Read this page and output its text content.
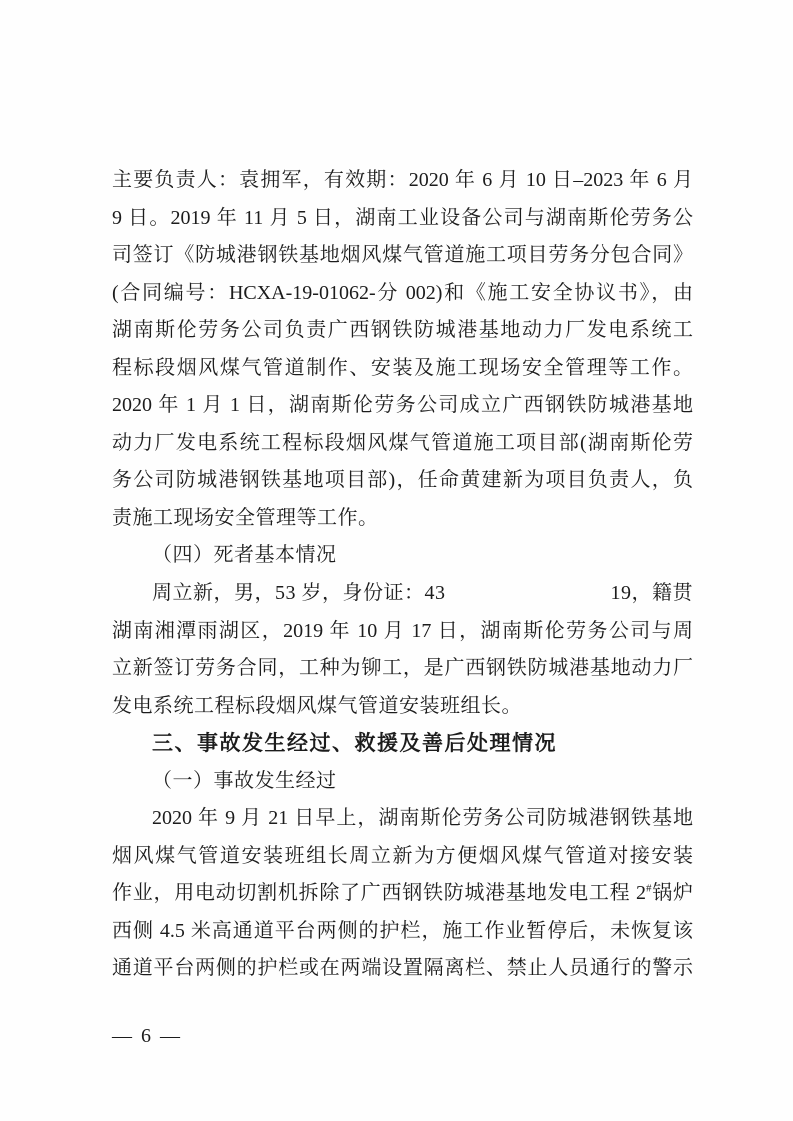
主要负责人：袁拥军，有效期：2020 年 6 月 10 日–2023 年 6 月
9 日。2019 年 11 月 5 日，湖南工业设备公司与湖南斯伦劳务公
司签订《防城港钢铁基地烟风煤气管道施工项目劳务分包合同》
(合同编号：HCXA-19-01062-分 002)和《施工安全协议书》，由
湖南斯伦劳务公司负责广西钢铁防城港基地动力厂发电系统工
程标段烟风煤气管道制作、安装及施工现场安全管理等工作。
2020 年 1 月 1 日，湖南斯伦劳务公司成立广西钢铁防城港基地
动力厂发电系统工程标段烟风煤气管道施工项目部(湖南斯伦劳
务公司防城港钢铁基地项目部)，任命黄建新为项目负责人，负
责施工现场安全管理等工作。
（四）死者基本情况
周立新，男，53 岁，身份证：43	19，籍贯
湖南湘潭雨湖区，2019 年 10 月 17 日，湖南斯伦劳务公司与周
立新签订劳务合同，工种为铆工，是广西钢铁防城港基地动力厂
发电系统工程标段烟风煤气管道安装班组长。
三、事故发生经过、救援及善后处理情况
（一）事故发生经过
2020 年 9 月 21 日早上，湖南斯伦劳务公司防城港钢铁基地
烟风煤气管道安装班组长周立新为方便烟风煤气管道对接安装
作业，用电动切割机拆除了广西钢铁防城港基地发电工程 2#锅炉
西侧 4.5 米高通道平台两侧的护栏，施工作业暂停后，未恢复该
通道平台两侧的护栏或在两端设置隔离栏、禁止人员通行的警示
— 6 —
